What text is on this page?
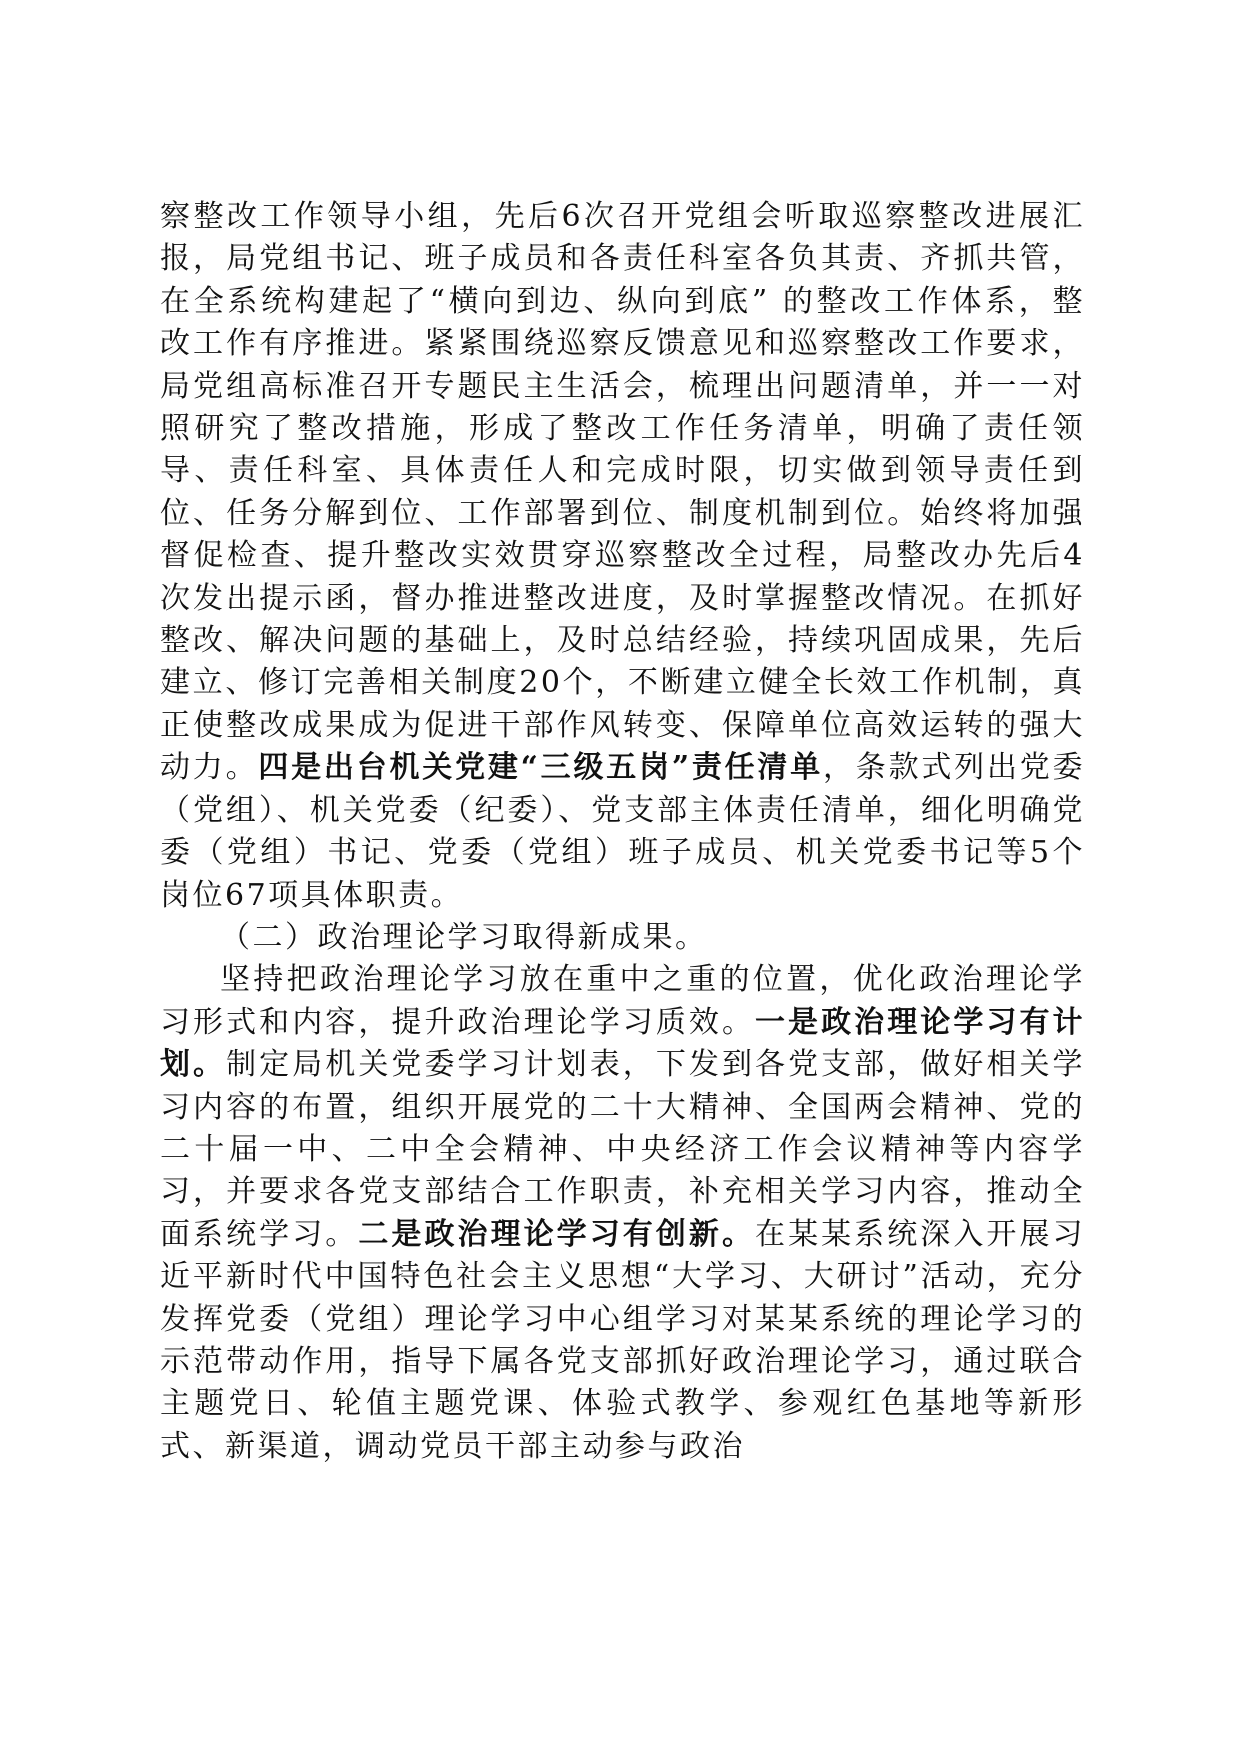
察整改工作领导小组，先后6次召开党组会听取巡察整改进展汇报，局党组书记、班子成员和各责任科室各负其责、齐抓共管，在全系统构建起了“横向到边、纵向到底” 的整改工作体系，整改工作有序推进。紧紧围绕巡察反馈意见和巡察整改工作要求，局党组高标准召开专题民主生活会，梳理出问题清单，并一一对照研究了整改措施，形成了整改工作任务清单，明确了责任领导、责任科室、具体责任人和完成时限，切实做到领导责任到位、任务分解到位、工作部署到位、制度机制到位。始终将加强督促检查、提升整改实效贯穿巡察整改全过程，局整改办先后4次发出提示函，督办推进整改进度，及时掌握整改情况。在抓好整改、解决问题的基础上，及时总结经验，持续巩固成果，先后建立、修订完善相关制度20个，不断建立健全长效工作机制，真正使整改成果成为促进干部作风转变、保障单位高效运转的强大动力。四是出台机关党建“三级五岗”责任清单，条款式列出党委（党组）、机关党委（纪委）、党支部主体责任清单，细化明确党委（党组）书记、党委（党组）班子成员、机关党委书记等5个岗位67项具体职责。

（二）政治理论学习取得新成果。

坚持把政治理论学习放在重中之重的位置，优化政治理论学习形式和内容，提升政治理论学习质效。一是政治理论学习有计划。制定局机关党委学习计划表，下发到各党支部，做好相关学习内容的布置，组织开展党的二十大精神、全国两会精神、党的二十届一中、二中全会精神、中央经济工作会议精神等内容学习，并要求各党支部结合工作职责，补充相关学习内容，推动全面系统学习。二是政治理论学习有创新。在某某系统深入开展习近平新时代中国特色社会主义思想“大学习、大研讨”活动，充分发挥党委（党组）理论学习中心组学习对某某系统的理论学习的示范带动作用，指导下属各党支部抓好政治理论学习，通过联合主题党日、轮值主题党课、体验式教学、参观红色基地等新形式、新渠道，调动党员干部主动参与政治
